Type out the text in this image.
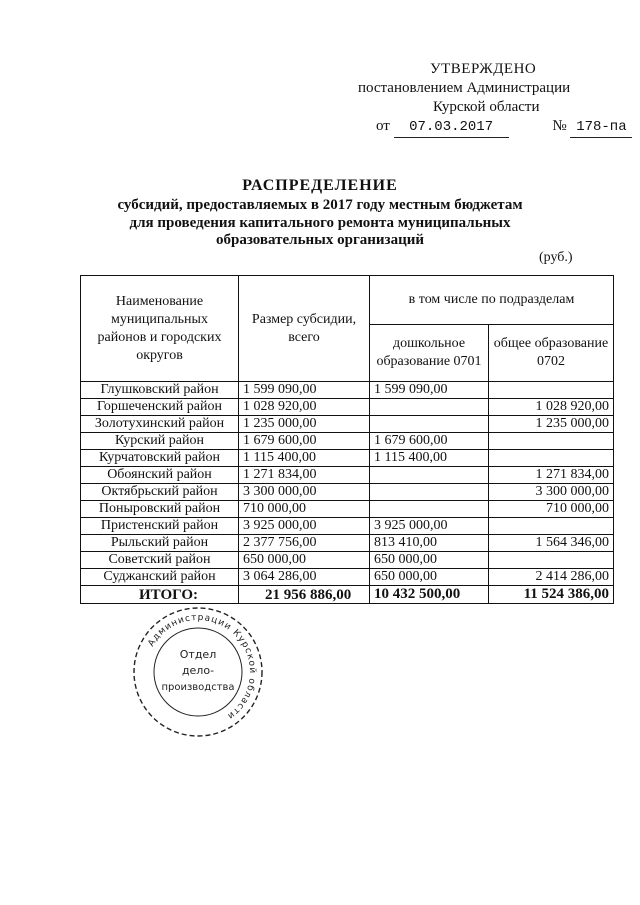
УТВЕРЖДЕНО
постановлением Администрации
Курской области
от 07.03.2017	№ 178-па
РАСПРЕДЕЛЕНИЕ
субсидий, предоставляемых в 2017 году местным бюджетам
для проведения капитального ремонта муниципальных
образовательных организаций
(руб.)
Наименование муниципальных районов и городских округов	Размер субсидии, всего	в том числе по подразделам	
		дошкольное образование 0701	общее образование 0702
Глушковский район	1 599 090,00	1 599 090,00	
Горшеченский район	1 028 920,00		1 028 920,00
Золотухинский район	1 235 000,00		1 235 000,00
Курский район	1 679 600,00	1 679 600,00	
Курчатовский район	1 115 400,00	1 115 400,00	
Обоянский район	1 271 834,00		1 271 834,00
Октябрьский район	3 300 000,00		3 300 000,00
Поныровский район	710 000,00		710 000,00
Пристенский район	3 925 000,00	3 925 000,00	
Рыльский район	2 377 756,00	813 410,00	1 564 346,00
Советский район	650 000,00	650 000,00	
Суджанский район	3 064 286,00	650 000,00	2 414 286,00
ИТОГО:	21 956 886,00	10 432 500,00	11 524 386,00
Администрации Курской области
Отдел
дело-
производства
